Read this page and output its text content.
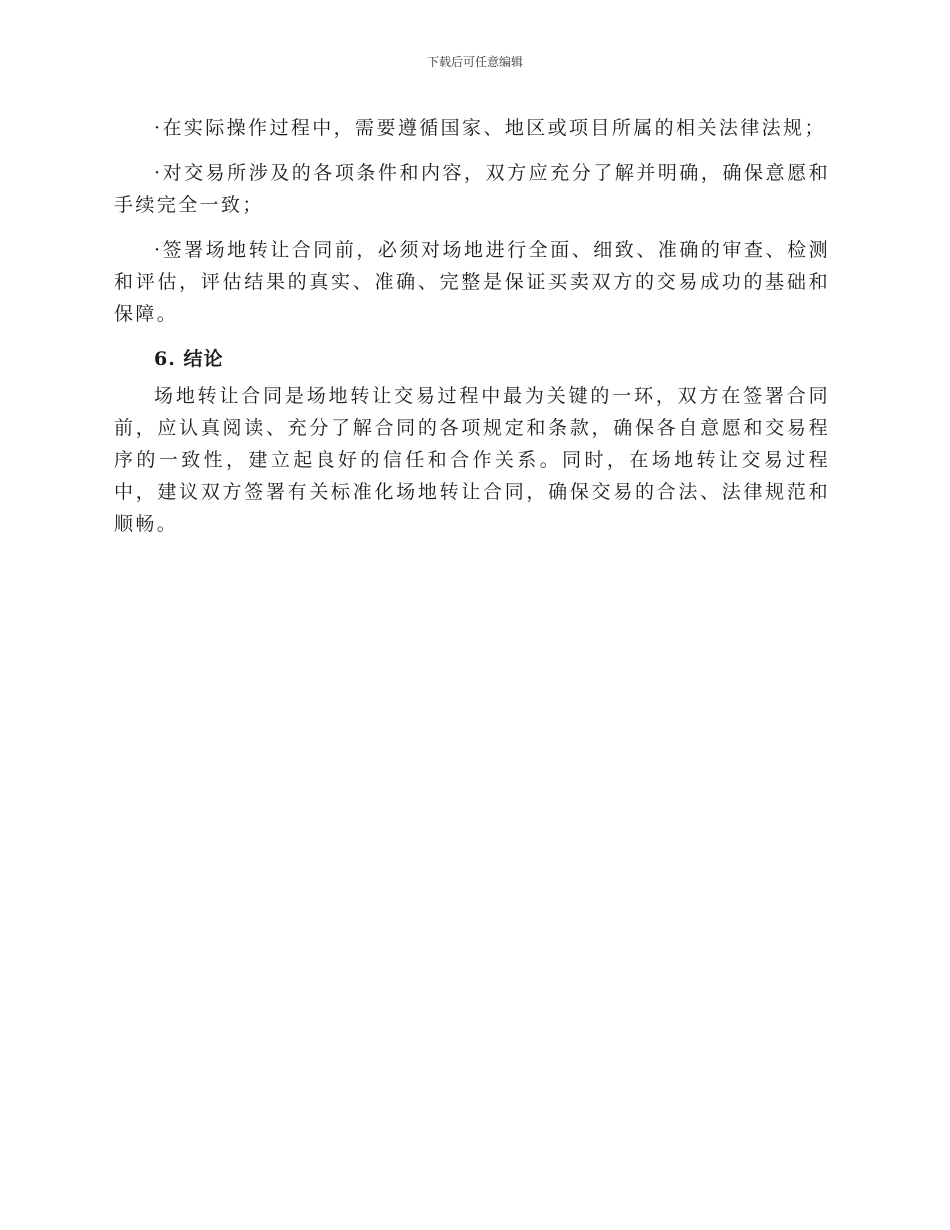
下载后可任意编辑

·在实际操作过程中，需要遵循国家、地区或项目所属的相关法律法规；

·对交易所涉及的各项条件和内容，双方应充分了解并明确，确保意愿和手续完全一致；

·签署场地转让合同前，必须对场地进行全面、细致、准确的审查、检测和评估，评估结果的真实、准确、完整是保证买卖双方的交易成功的基础和保障。

6. 结论

场地转让合同是场地转让交易过程中最为关键的一环，双方在签署合同前，应认真阅读、充分了解合同的各项规定和条款，确保各自意愿和交易程序的一致性，建立起良好的信任和合作关系。同时，在场地转让交易过程中，建议双方签署有关标准化场地转让合同，确保交易的合法、法律规范和顺畅。
